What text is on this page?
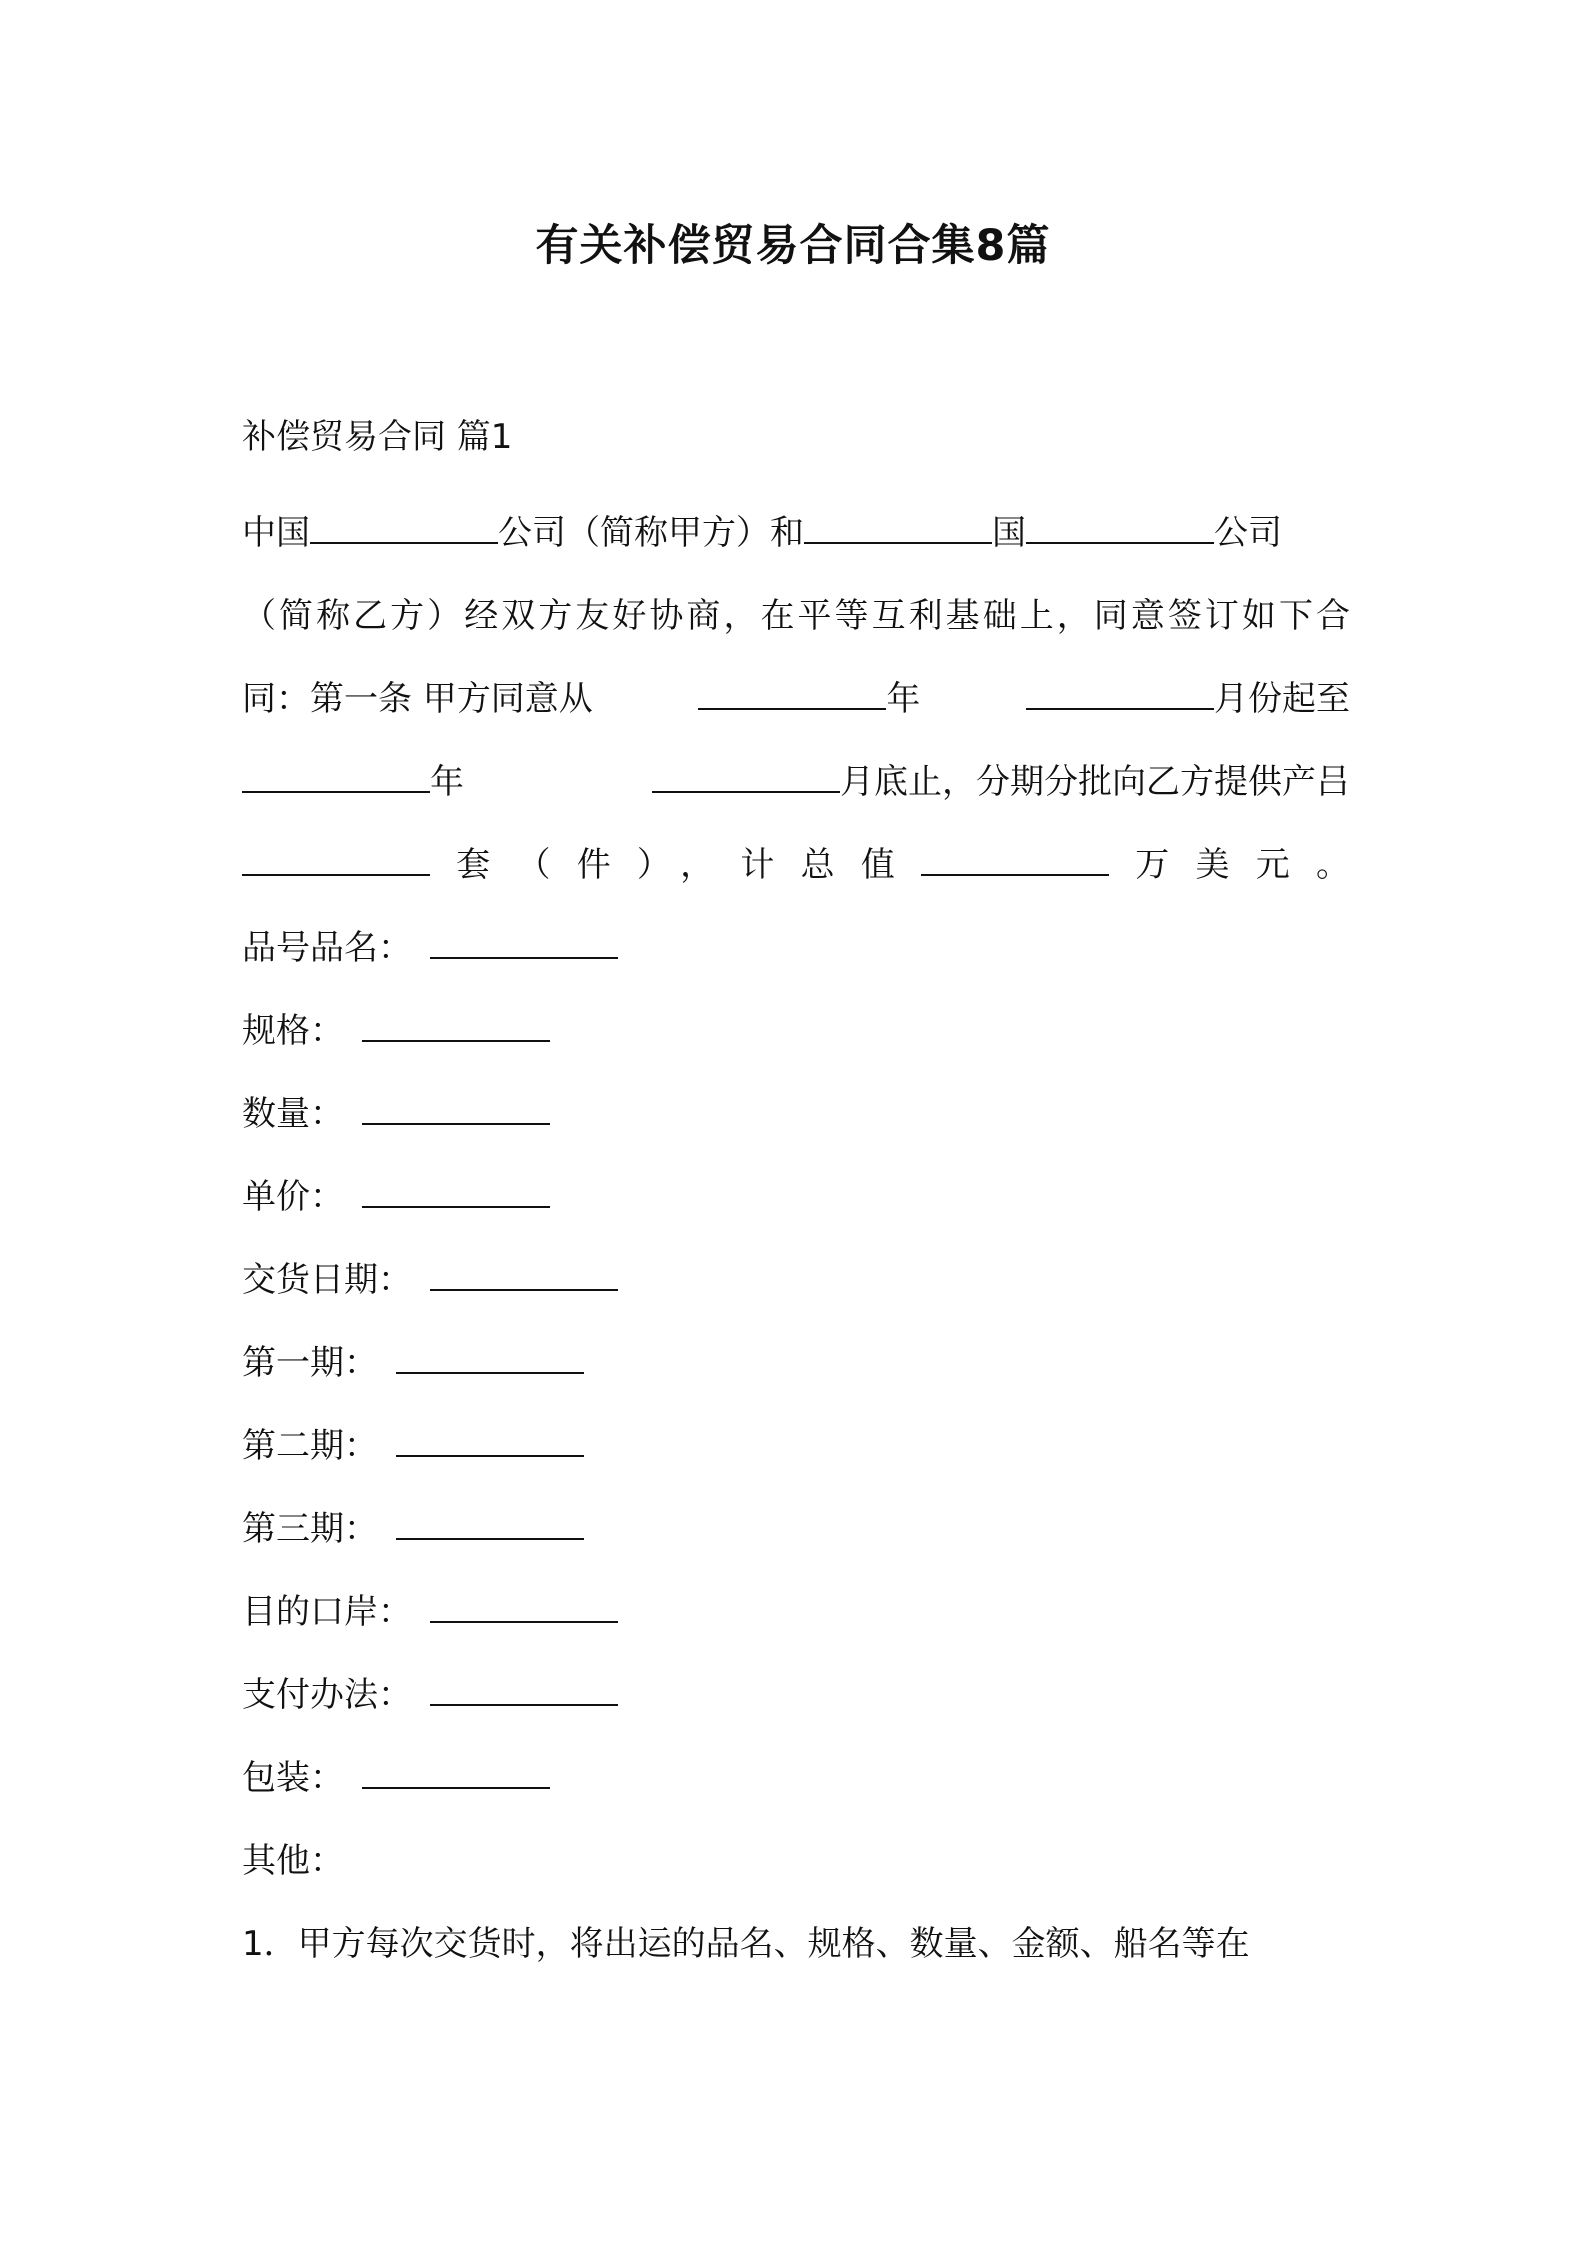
有关补偿贸易合同合集8篇
补偿贸易合同 篇1
中国	公司（简称甲方）和	国	公司
（简称乙方）经双方友好协商，在平等互利基础上，同意签订如下合
同：第一条 甲方同意从	年	月份起至
年	月底止，分期分批向乙方提供产吕
套（件），计总值	万美元。
品号品名：
规格：
数量：
单价：
交货日期：
第一期：
第二期：
第三期：
目的口岸：
支付办法：
包装：
其他：
1．甲方每次交货时，将出运的品名、规格、数量、金额、船名等在
